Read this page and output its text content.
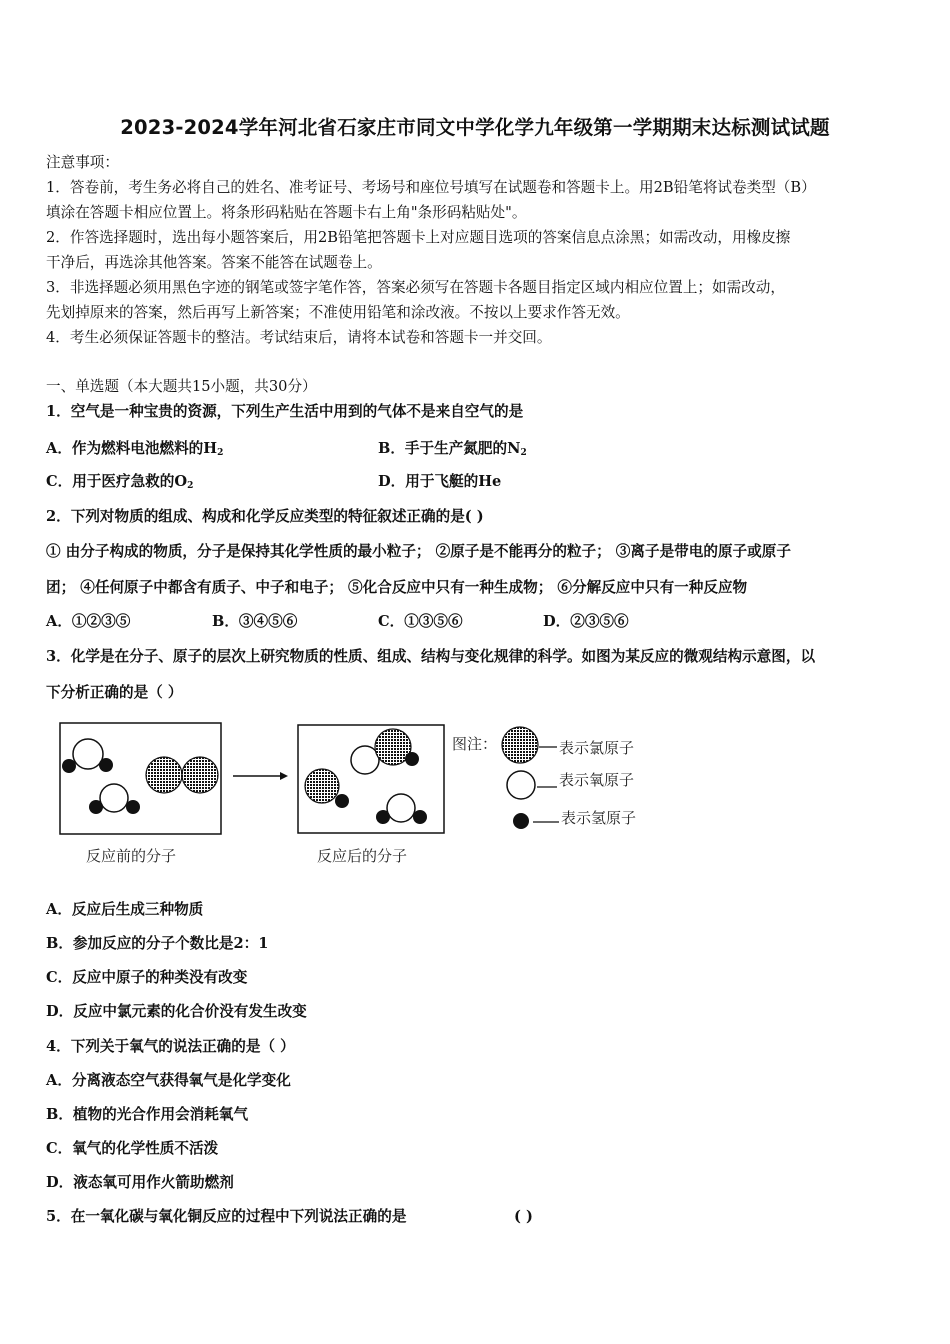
2023-2024学年河北省石家庄市同文中学化学九年级第一学期期末达标测试试题
注意事项：
1．答卷前，考生务必将自己的姓名、准考证号、考场号和座位号填写在试题卷和答题卡上。用2B铅笔将试卷类型（B）
填涂在答题卡相应位置上。将条形码粘贴在答题卡右上角"条形码粘贴处"。
2．作答选择题时，选出每小题答案后，用2B铅笔把答题卡上对应题目选项的答案信息点涂黑；如需改动，用橡皮擦
干净后，再选涂其他答案。答案不能答在试题卷上。
3．非选择题必须用黑色字迹的钢笔或签字笔作答，答案必须写在答题卡各题目指定区域内相应位置上；如需改动，
先划掉原来的答案，然后再写上新答案；不准使用铅笔和涂改液。不按以上要求作答无效。
4．考生必须保证答题卡的整洁。考试结束后，请将本试卷和答题卡一并交回。
一、单选题（本大题共15小题，共30分）
1．空气是一种宝贵的资源，下列生产生活中用到的气体不是来自空气的是
A．作为燃料电池燃料的$H_2$	B．手于生产氮肥的$N_2$
C．用于医疗急救的$O_2$	D．用于飞艇的He
2．下列对物质的组成、构成和化学反应类型的特征叙述正确的是( )
① 由分子构成的物质，分子是保持其化学性质的最小粒子； ②原子是不能再分的粒子； ③离子是带电的原子或原子
团； ④任何原子中都含有质子、中子和电子； ⑤化合反应中只有一种生成物； ⑥分解反应中只有一种反应物
A．①②③⑤	B．③④⑤⑥	C．①③⑤⑥	D．②③⑤⑥
3．化学是在分子、原子的层次上研究物质的性质、组成、结构与变化规律的科学。如图为某反应的微观结构示意图，以
下分析正确的是（ ）
图注：	表示氯原子
表示氧原子
表示氢原子
反应前的分子	反应后的分子
A．反应后生成三种物质
B．参加反应的分子个数比是2：1
C．反应中原子的种类没有改变
D．反应中氯元素的化合价没有发生改变
4．下列关于氧气的说法正确的是（ ）
A．分离液态空气获得氧气是化学变化
B．植物的光合作用会消耗氧气
C．氧气的化学性质不活泼
D．液态氧可用作火箭助燃剂
5．在一氧化碳与氧化铜反应的过程中下列说法正确的是	( )
